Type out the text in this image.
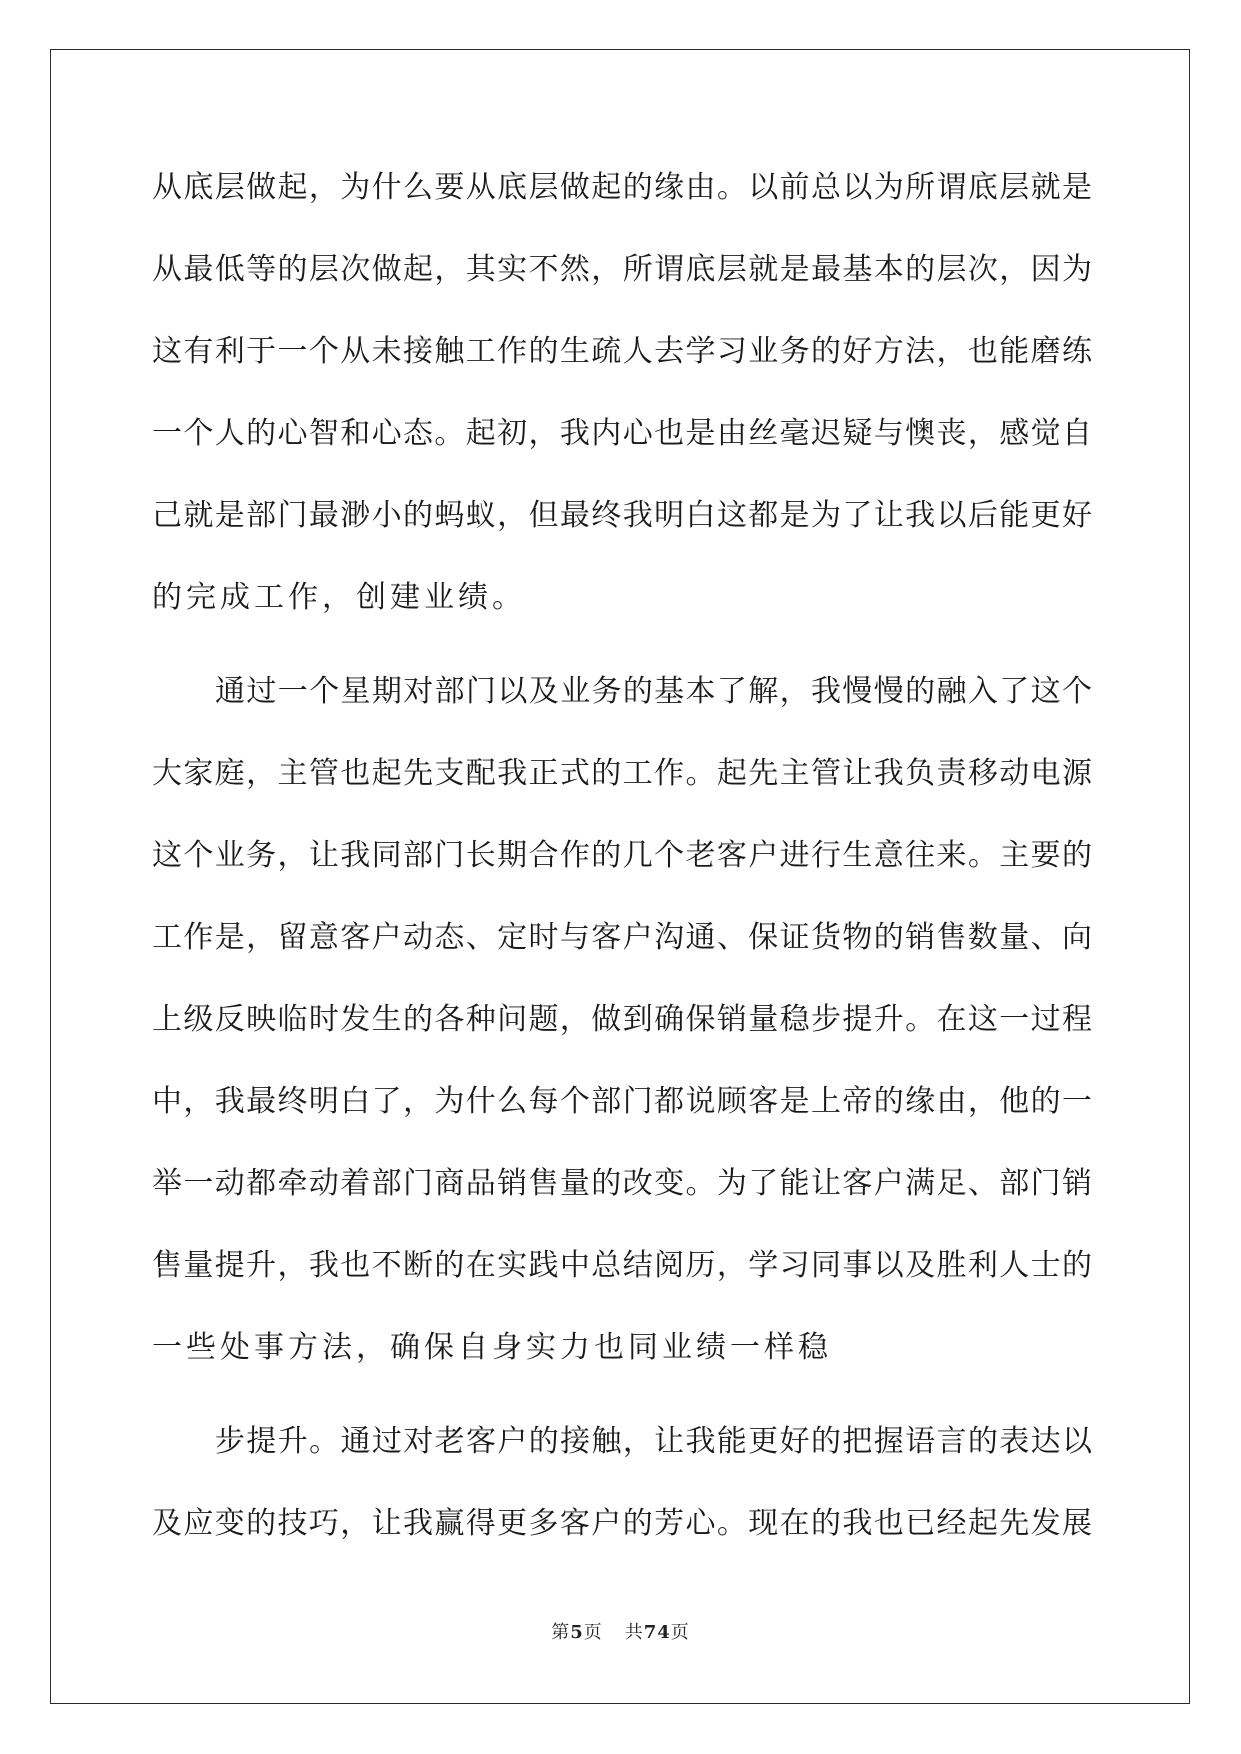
从底层做起，为什么要从底层做起的缘由。以前总以为所谓底层就是
从最低等的层次做起，其实不然，所谓底层就是最基本的层次，因为
这有利于一个从未接触工作的生疏人去学习业务的好方法，也能磨练
一个人的心智和心态。起初，我内心也是由丝毫迟疑与懊丧，感觉自
己就是部门最渺小的蚂蚁，但最终我明白这都是为了让我以后能更好
的完成工作，创建业绩。
通过一个星期对部门以及业务的基本了解，我慢慢的融入了这个
大家庭，主管也起先支配我正式的工作。起先主管让我负责移动电源
这个业务，让我同部门长期合作的几个老客户进行生意往来。主要的
工作是，留意客户动态、定时与客户沟通、保证货物的销售数量、向
上级反映临时发生的各种问题，做到确保销量稳步提升。在这一过程
中，我最终明白了，为什么每个部门都说顾客是上帝的缘由，他的一
举一动都牵动着部门商品销售量的改变。为了能让客户满足、部门销
售量提升，我也不断的在实践中总结阅历，学习同事以及胜利人士的
一些处事方法，确保自身实力也同业绩一样稳
步提升。通过对老客户的接触，让我能更好的把握语言的表达以
及应变的技巧，让我赢得更多客户的芳心。现在的我也已经起先发展
第5页 共74页
